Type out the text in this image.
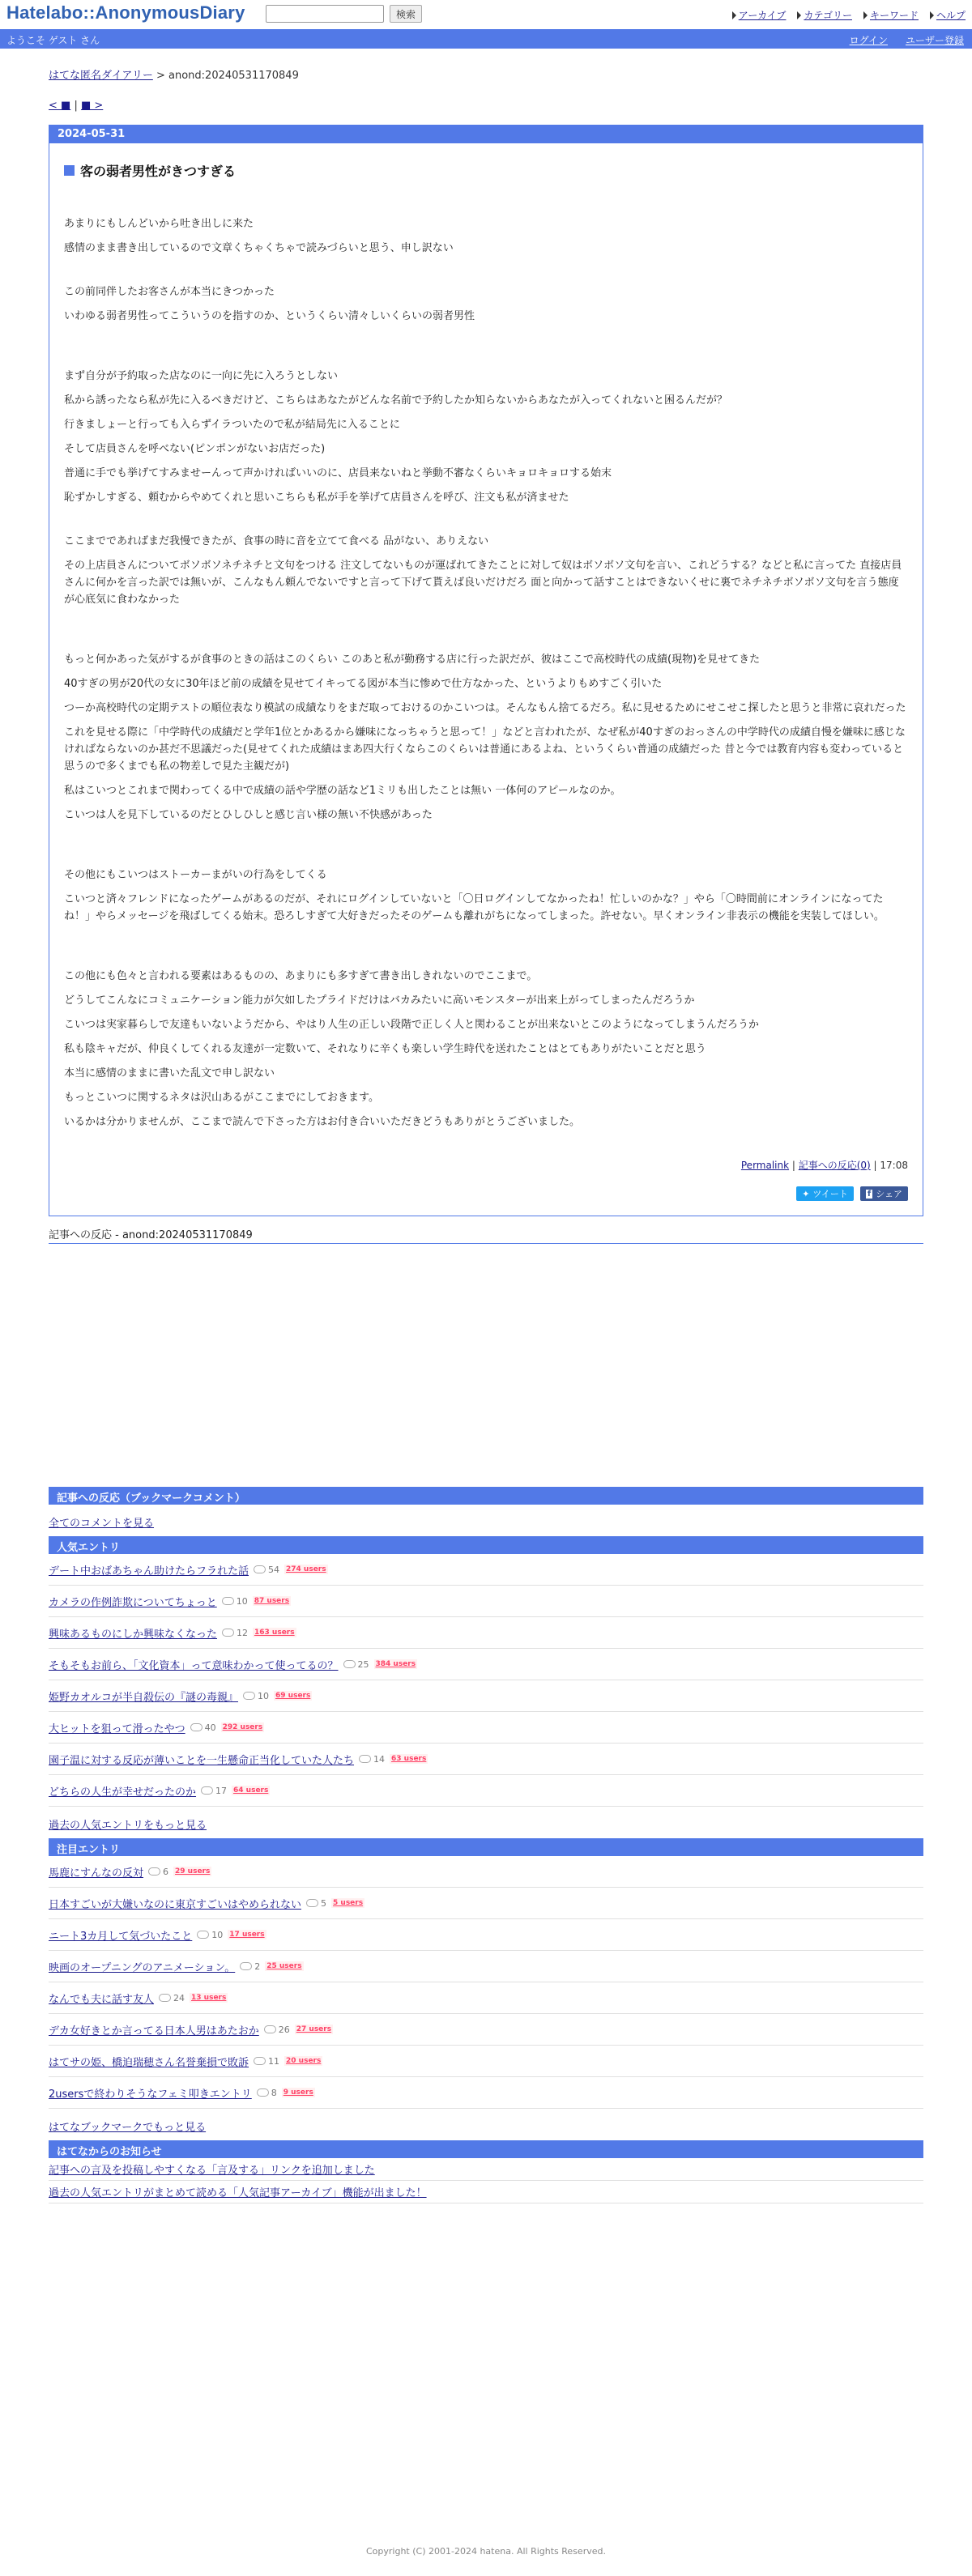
Hatelabo::AnonymousDiary	検索	アーカイブ カテゴリー キーワード ヘルプ
ようこそ ゲスト さん	ログイン ユーザー登録
はてな匿名ダイアリー > anond:20240531170849
< ■ | ■ >
2024-05-31
客の弱者男性がきつすぎる

あまりにもしんどいから吐き出しに来た

感情のまま書き出しているので文章くちゃくちゃで読みづらいと思う、申し訳ない

この前同伴したお客さんが本当にきつかった

いわゆる弱者男性ってこういうのを指すのか、というくらい清々しいくらいの弱者男性

まず自分が予約取った店なのに一向に先に入ろうとしない

私から誘ったなら私が先に入るべきだけど、こちらはあなたがどんな名前で予約したか知らないからあなたが入ってくれないと困るんだが？

行きましょーと行っても入らずイラついたので私が結局先に入ることに

そして店員さんを呼べない(ピンポンがないお店だった)

普通に手でも挙げてすみませーんって声かければいいのに、店員来ないねと挙動不審なくらいキョロキョロする始末

恥ずかしすぎる、頼むからやめてくれと思いこちらも私が手を挙げて店員さんを呼び、注文も私が済ませた

ここまでであればまだ我慢できたが、食事の時に音を立てて食べる 品がない、ありえない

その上店員さんについてボソボソネチネチと文句をつける 注文してないものが運ばれてきたことに対して奴はボソボソ文句を言い、これどうする？などと私に言ってた 直接店員さんに何かを言った訳では無いが、こんなもん頼んでないですと言って下げて貰えば良いだけだろ 面と向かって話すことはできないくせに裏でネチネチボソボソ文句を言う態度が心底気に食わなかった

もっと何かあった気がするが食事のときの話はこのくらい このあと私が勤務する店に行った訳だが、彼はここで高校時代の成績(現物)を見せてきた

40すぎの男が20代の女に30年ほど前の成績を見せてイキってる図が本当に惨めで仕方なかった、というよりもめすごく引いた

つーか高校時代の定期テストの順位表なり模試の成績なりをまだ取っておけるのかこいつは。そんなもん捨てるだろ。私に見せるためにせこせこ探したと思うと非常に哀れだった

これを見せる際に「中学時代の成績だと学年1位とかあるから嫌味になっちゃうと思って！」などと言われたが、なぜ私が40すぎのおっさんの中学時代の成績自慢を嫌味に感じなければならないのか甚だ不思議だった(見せてくれた成績はまあ四大行くならこのくらいは普通にあるよね、というくらい普通の成績だった 昔と今では教育内容も変わっていると思うので多くまでも私の物差しで見た主観だが)

私はこいつとこれまで関わってくる中で成績の話や学歴の話など1ミリも出したことは無い 一体何のアピールなのか。

こいつは人を見下しているのだとひしひしと感じ言い様の無い不快感があった

その他にもこいつはストーカーまがいの行為をしてくる

こいつと済々フレンドになったゲームがあるのだが、それにログインしていないと「〇日ログインしてなかったね！忙しいのかな？」やら「〇時間前にオンラインになってたね！」やらメッセージを飛ばしてくる始末。恐ろしすぎて大好きだったそのゲームも離れがちになってしまった。許せない。早くオンライン非表示の機能を実装してほしい。

この他にも色々と言われる要素はあるものの、あまりにも多すぎて書き出しきれないのでここまで。

どうしてこんなにコミュニケーション能力が欠如したプライドだけはバカみたいに高いモンスターが出来上がってしまったんだろうか

こいつは実家暮らしで友達もいないようだから、やはり人生の正しい段階で正しく人と関わることが出来ないとこのようになってしまうんだろうか

私も陰キャだが、仲良くしてくれる友達が一定数いて、それなりに辛くも楽しい学生時代を送れたことはとてもありがたいことだと思う

本当に感情のままに書いた乱文で申し訳ない

もっとこいつに関するネタは沢山あるがここまでにしておきます。

いるかは分かりませんが、ここまで読んで下さった方はお付き合いいただきどうもありがとうございました。

Permalink | 記事への反応(0) | 17:08
✦ ツイート f シェア
記事への反応 - anond:20240531170849
記事への反応（ブックマークコメント）
全てのコメントを見る
人気エントリ
デート中おばあちゃん助けたらフラれた話 54 274 users
カメラの作例詐欺についてちょっと 10 87 users
興味あるものにしか興味なくなった 12 163 users
そもそもお前ら、「文化資本」って意味わかって使ってるの？ 25 384 users
姫野カオルコが半自殺伝の『謎の毒親』 10 69 users
大ヒットを狙って滑ったやつ 40 292 users
園子温に対する反応が薄いことを一生懸命正当化していた人たち 14 63 users
どちらの人生が幸せだったのか 17 64 users
過去の人気エントリをもっと見る
注目エントリ
馬鹿にすんなの反対 6 29 users
日本すごいが大嫌いなのに東京すごいはやめられない 5 5 users
ニート3カ月して気づいたこと 10 17 users
映画のオープニングのアニメーション。 2 25 users
なんでも夫に話す友人 24 13 users
デカ女好きとか言ってる日本人男はあたおか 26 27 users
はてサの姫、橋迫瑞穂さん名誉棄損で敗訴 11 20 users
2usersで終わりそうなフェミ叩きエントリ 8 9 users
はてなブックマークでもっと見る
はてなからのお知らせ
記事への言及を投稿しやすくなる「言及する」リンクを追加しました
過去の人気エントリがまとめて読める「人気記事アーカイブ」機能が出ました！
Copyright (C) 2001-2024 hatena. All Rights Reserved.
